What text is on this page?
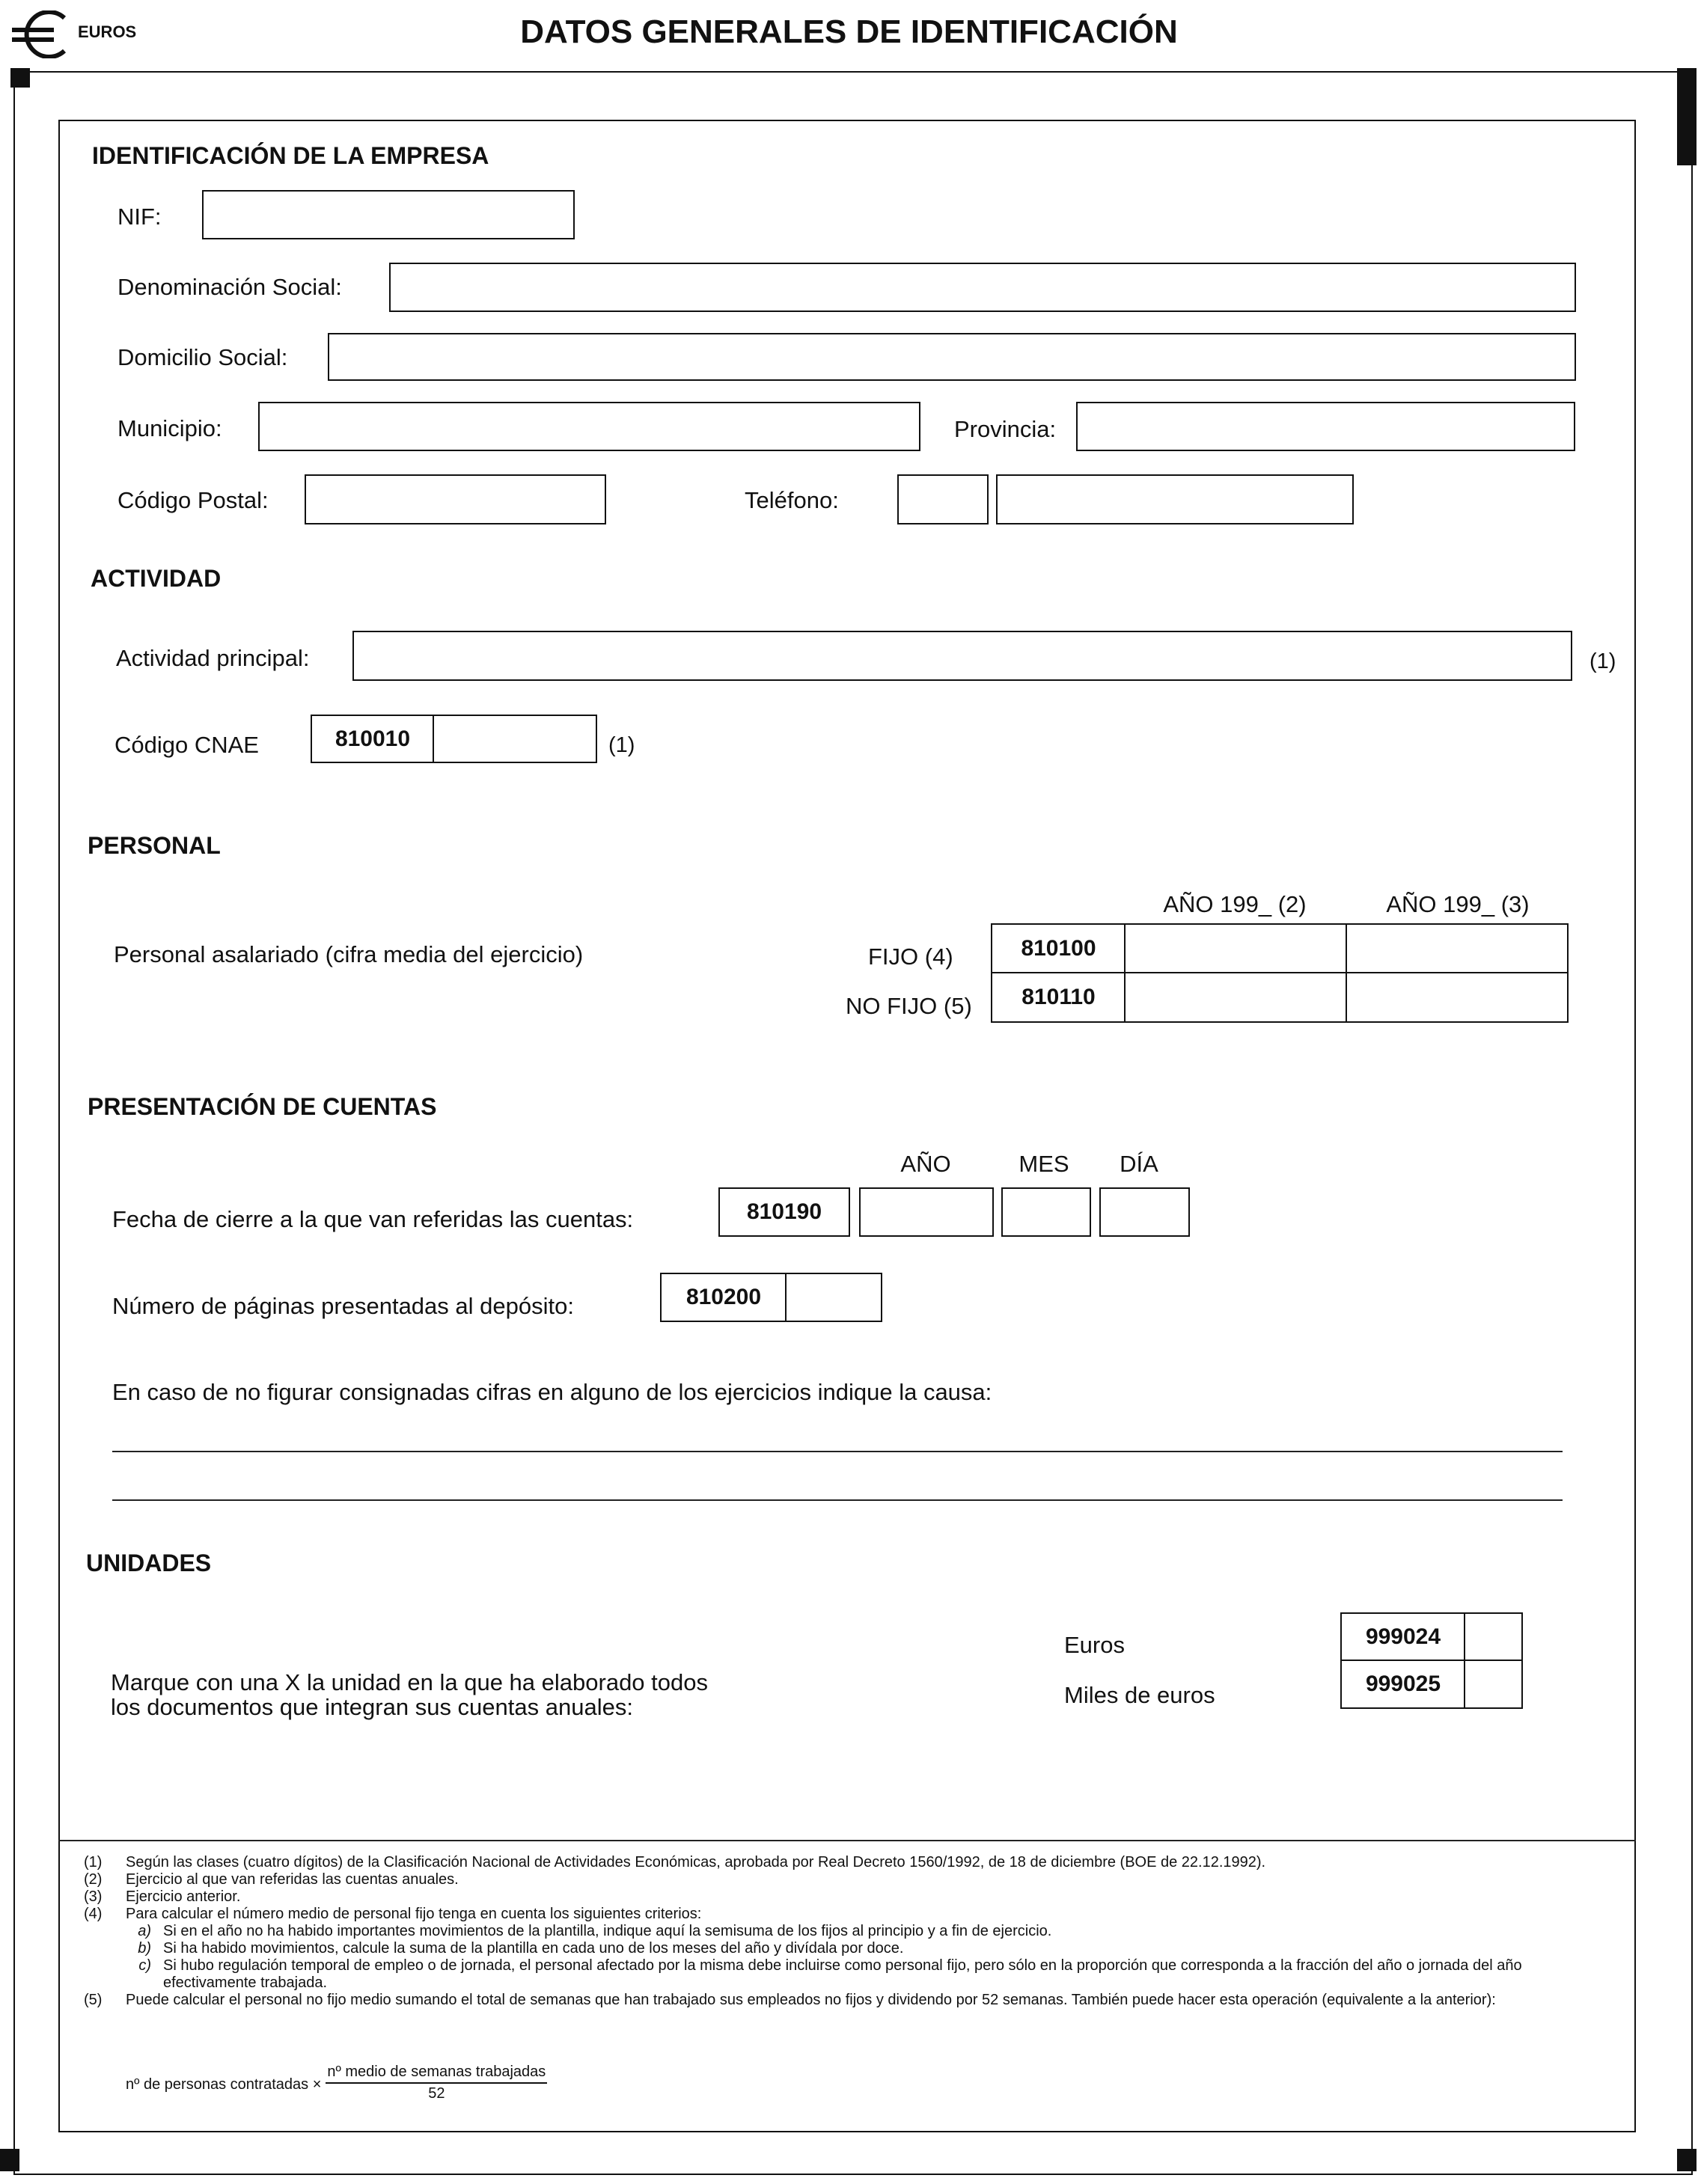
EUROS	DATOS GENERALES DE IDENTIFICACIÓN
IDENTIFICACIÓN DE LA EMPRESA
NIF:
Denominación Social:
Domicilio Social:
Municipio:	Provincia:
Código Postal:	Teléfono:
ACTIVIDAD
Actividad principal:	(1)
Código CNAE	810010	(1)
PERSONAL
AÑO 199_ (2)	AÑO 199_ (3)
Personal asalariado (cifra media del ejercicio)	FIJO (4)	810100
NO FIJO (5) 810110
PRESENTACIÓN DE CUENTAS
AÑO	MES	DÍA
Fecha de cierre a la que van referidas las cuentas:	810190
Número de páginas presentadas al depósito:	810200
En caso de no figurar consignadas cifras en alguno de los ejercicios indique la causa:
UNIDADES
Marque con una X la unidad en la que ha elaborado todos
los documentos que integran sus cuentas anuales:
Euros	999024
Miles de euros	999025
(1)	Según las clases (cuatro dígitos) de la Clasificación Nacional de Actividades Económicas, aprobada por Real Decreto 1560/1992, de 18 de diciembre (BOE de 22.12.1992).
(2)	Ejercicio al que van referidas las cuentas anuales.
(3)	Ejercicio anterior.
(4)	Para calcular el número medio de personal fijo tenga en cuenta los siguientes criterios:
a) Si en el año no ha habido importantes movimientos de la plantilla, indique aquí la semisuma de los fijos al principio y a fin de ejercicio.
b) Si ha habido movimientos, calcule la suma de la plantilla en cada uno de los meses del año y divídala por doce.
c) Si hubo regulación temporal de empleo o de jornada, el personal afectado por la misma debe incluirse como personal fijo, pero sólo en la proporción que corresponda a la fracción del año o jornada del año efectivamente trabajada.
(5)	Puede calcular el personal no fijo medio sumando el total de semanas que han trabajado sus empleados no fijos y dividendo por 52 semanas. También puede hacer esta operación (equivalente a la anterior):
nº de personas contratadas ×
nº medio de semanas trabajadas
52
